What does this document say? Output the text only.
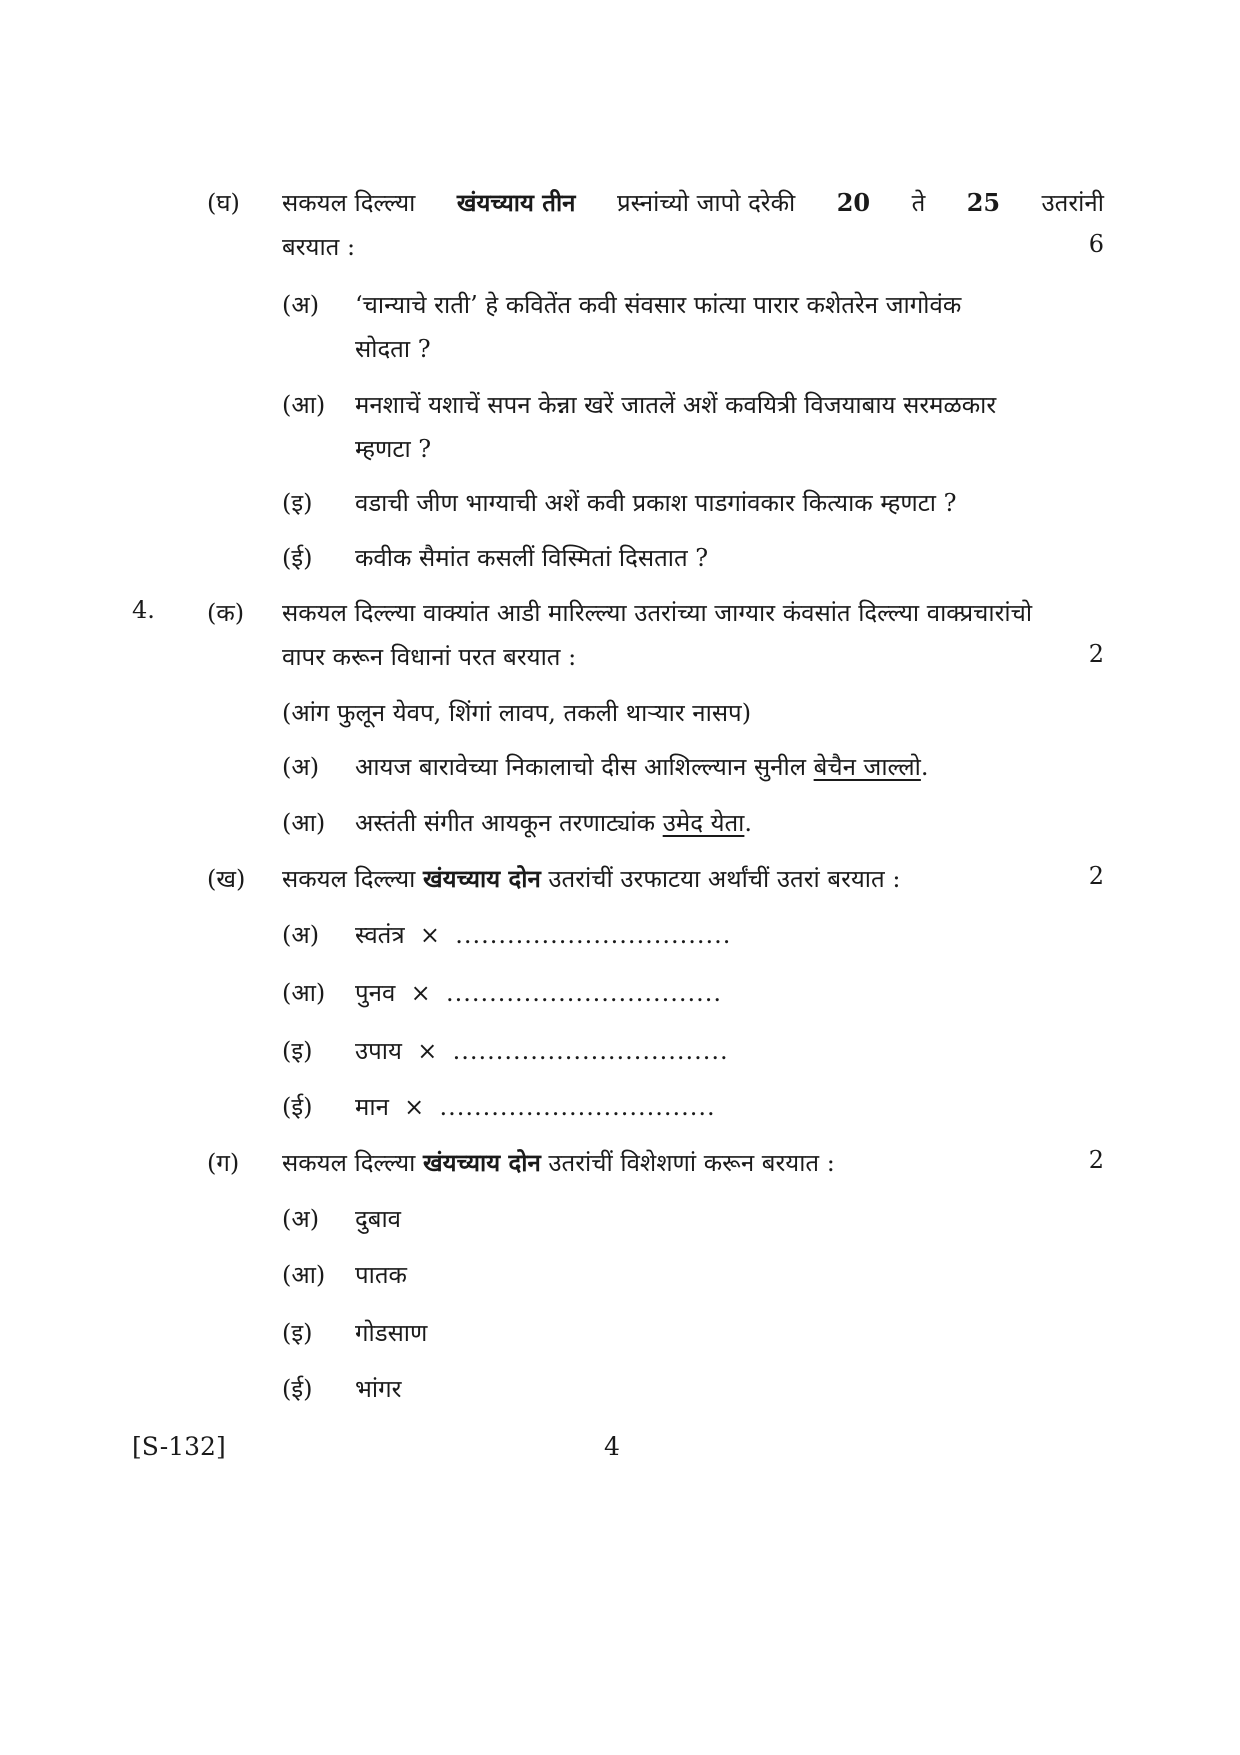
(घ) सकयल दिल्ल्या खंयच्याय तीन प्रस्नांच्यो जापो दरेकी 20 ते 25 उतरांनी
बरयात :	6
(अ) ‘चान्याचे राती’ हे कवितेंत कवी संवसार फांत्या पारार कशेतरेन जागोवंक
सोदता ?
(आ) मनशाचें यशाचें सपन केन्ना खरें जातलें अशें कवयित्री विजयाबाय सरमळकार
म्हणटा ?
(इ) वडाची जीण भाग्याची अशें कवी प्रकाश पाडगांवकार कित्याक म्हणटा ?
(ई) कवीक सैमांत कसलीं विस्मितां दिसतात ?
4. (क) सकयल दिल्ल्या वाक्यांत आडी मारिल्ल्या उतरांच्या जाग्यार कंवसांत दिल्ल्या वाक्प्रचारांचो
वापर करून विधानां परत बरयात :	2
(आंग फुलून येवप, शिंगां लावप, तकली थाऱ्यार नासप)
(अ) आयज बारावेच्या निकालाचो दीस आशिल्ल्यान सुनील बेचैन जाल्लो.
(आ) अस्तंती संगीत आयकून तरणाट्यांक उमेद येता.
(ख) सकयल दिल्ल्या खंयच्याय दोन उतरांचीं उरफाटया अर्थांचीं उतरां बरयात :	2
(अ) स्वतंत्र × ................................
(आ) पुनव × ................................
(इ) उपाय × ................................
(ई) मान × ................................
(ग) सकयल दिल्ल्या खंयच्याय दोन उतरांचीं विशेशणां करून बरयात :	2
(अ) दुबाव
(आ) पातक
(इ) गोडसाण
(ई) भांगर
[S-132]	4
